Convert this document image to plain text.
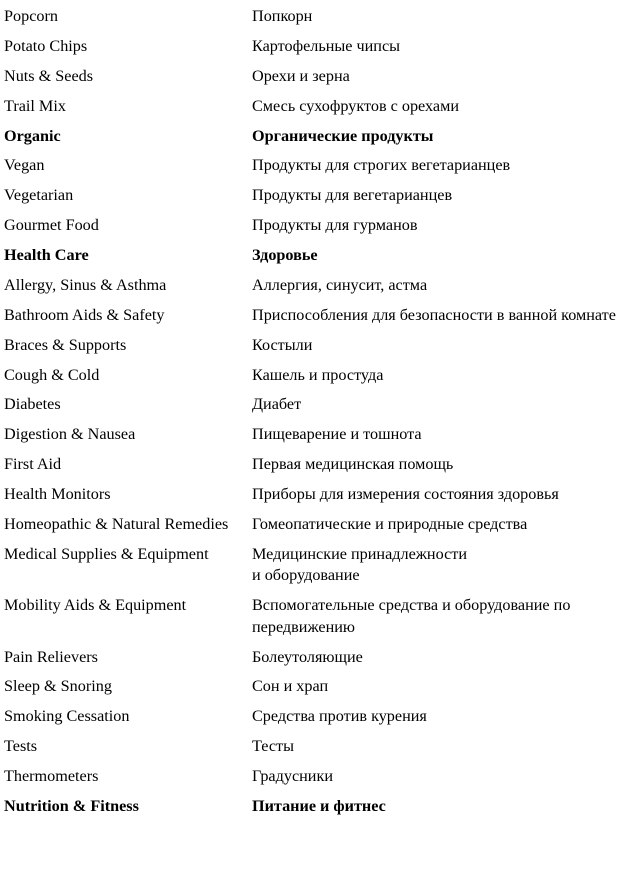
Popcorn	Попкорн
Potato Chips	Картофельные чипсы
Nuts & Seeds	Орехи и зерна
Trail Mix	Смесь сухофруктов с орехами
Organic	Органические продукты
Vegan	Продукты для строгих вегетарианцев
Vegetarian	Продукты для вегетарианцев
Gourmet Food	Продукты для гурманов
Health Care	Здоровье
Allergy, Sinus & Asthma	Аллергия, синусит, астма
Bathroom Aids & Safety	Приспособления для безопасности в ванной комнате
Braces & Supports	Костыли
Cough & Cold	Кашель и простуда
Diabetes	Диабет
Digestion & Nausea	Пищеварение и тошнота
First Aid	Первая медицинская помощь
Health Monitors	Приборы для измерения состояния здоровья
Homeopathic & Natural Remedies	Гомеопатические и природные средства
Medical Supplies & Equipment	Медицинские принадлежности
и оборудование
Mobility Aids & Equipment	Вспомогательные средства и оборудование по передвижению
Pain Relievers	Болеутоляющие
Sleep & Snoring	Сон и храп
Smoking Cessation	Средства против курения
Tests	Тесты
Thermometers	Градусники
Nutrition & Fitness	Питание и фитнес
